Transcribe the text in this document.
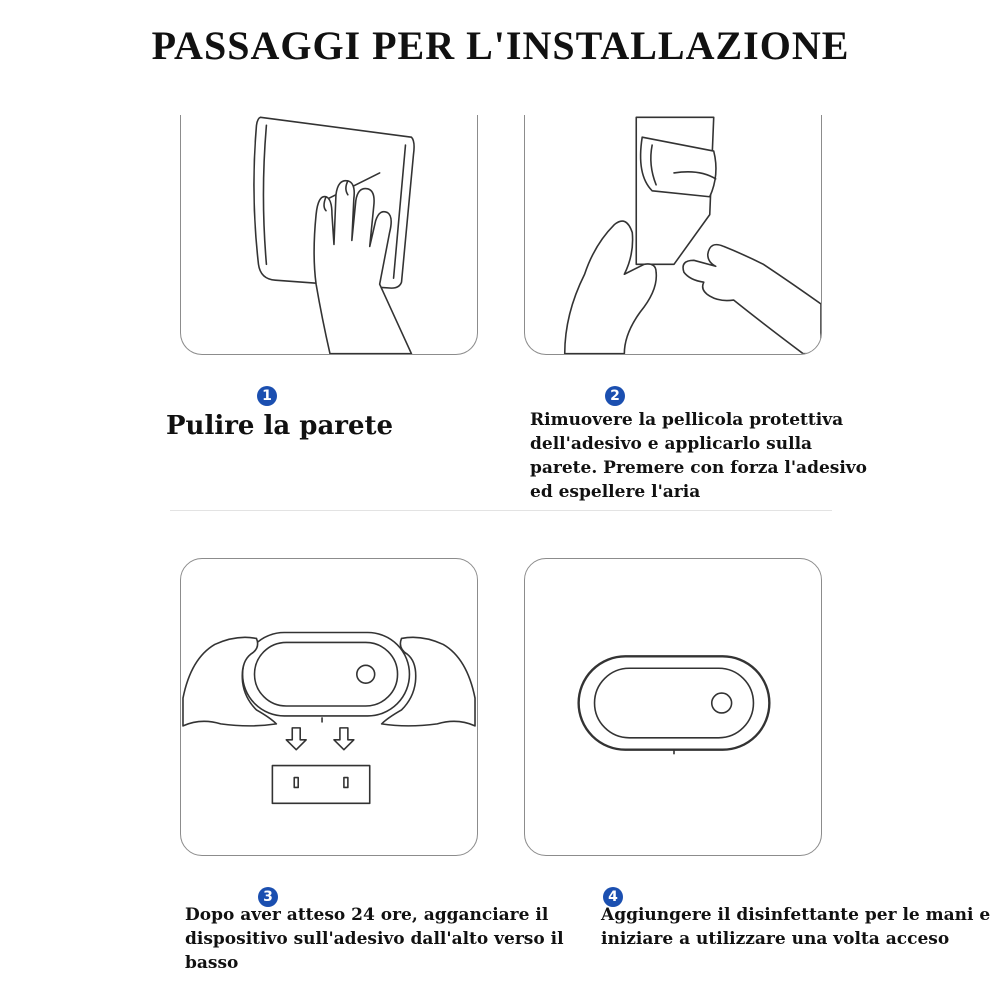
PASSAGGI PER L'INSTALLAZIONE
1
Pulire la parete
2
Rimuovere la pellicola protettiva dell'adesivo e applicarlo sulla parete. Premere con forza l'adesivo ed espellere l'aria
3
Dopo aver atteso 24 ore, agganciare il dispositivo sull'adesivo dall'alto verso il basso
4
Aggiungere il disinfettante per le mani e iniziare a utilizzare una volta acceso
